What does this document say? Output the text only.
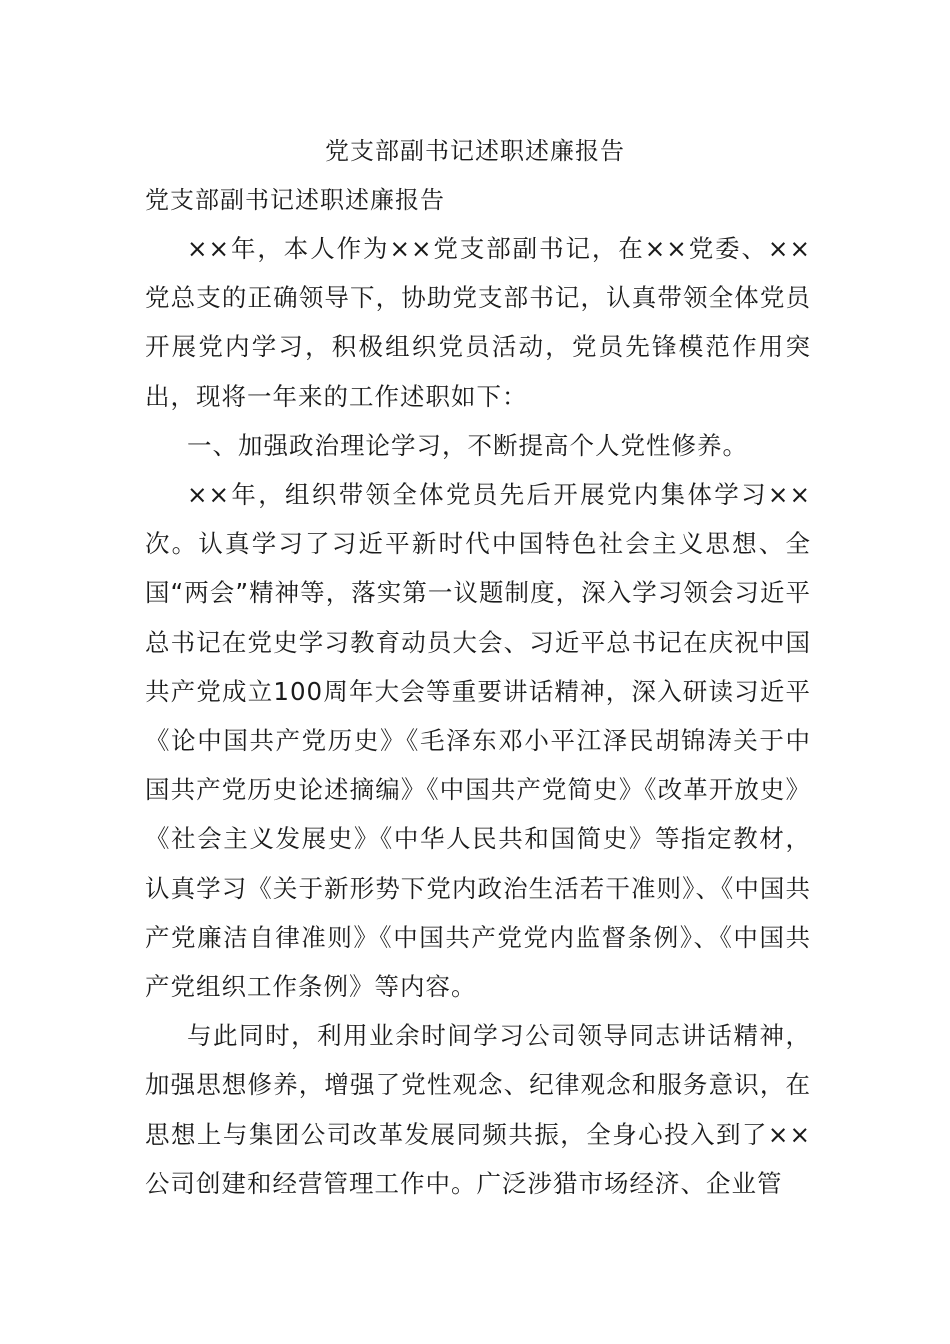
党支部副书记述职述廉报告

党支部副书记述职述廉报告

××年，本人作为××党支部副书记，在××党委、××党总支的正确领导下，协助党支部书记，认真带领全体党员开展党内学习，积极组织党员活动，党员先锋模范作用突出，现将一年来的工作述职如下：

一、加强政治理论学习，不断提高个人党性修养。

××年，组织带领全体党员先后开展党内集体学习××次。认真学习了习近平新时代中国特色社会主义思想、全国“两会”精神等，落实第一议题制度，深入学习领会习近平总书记在党史学习教育动员大会、习近平总书记在庆祝中国共产党成立100周年大会等重要讲话精神，深入研读习近平《论中国共产党历史》《毛泽东邓小平江泽民胡锦涛关于中国共产党历史论述摘编》《中国共产党简史》《改革开放史》《社会主义发展史》《中华人民共和国简史》等指定教材，认真学习《关于新形势下党内政治生活若干准则》、《中国共产党廉洁自律准则》《中国共产党党内监督条例》、《中国共产党组织工作条例》等内容。

与此同时，利用业余时间学习公司领导同志讲话精神，加强思想修养，增强了党性观念、纪律观念和服务意识，在思想上与集团公司改革发展同频共振，全身心投入到了××公司创建和经营管理工作中。广泛涉猎市场经济、企业管
